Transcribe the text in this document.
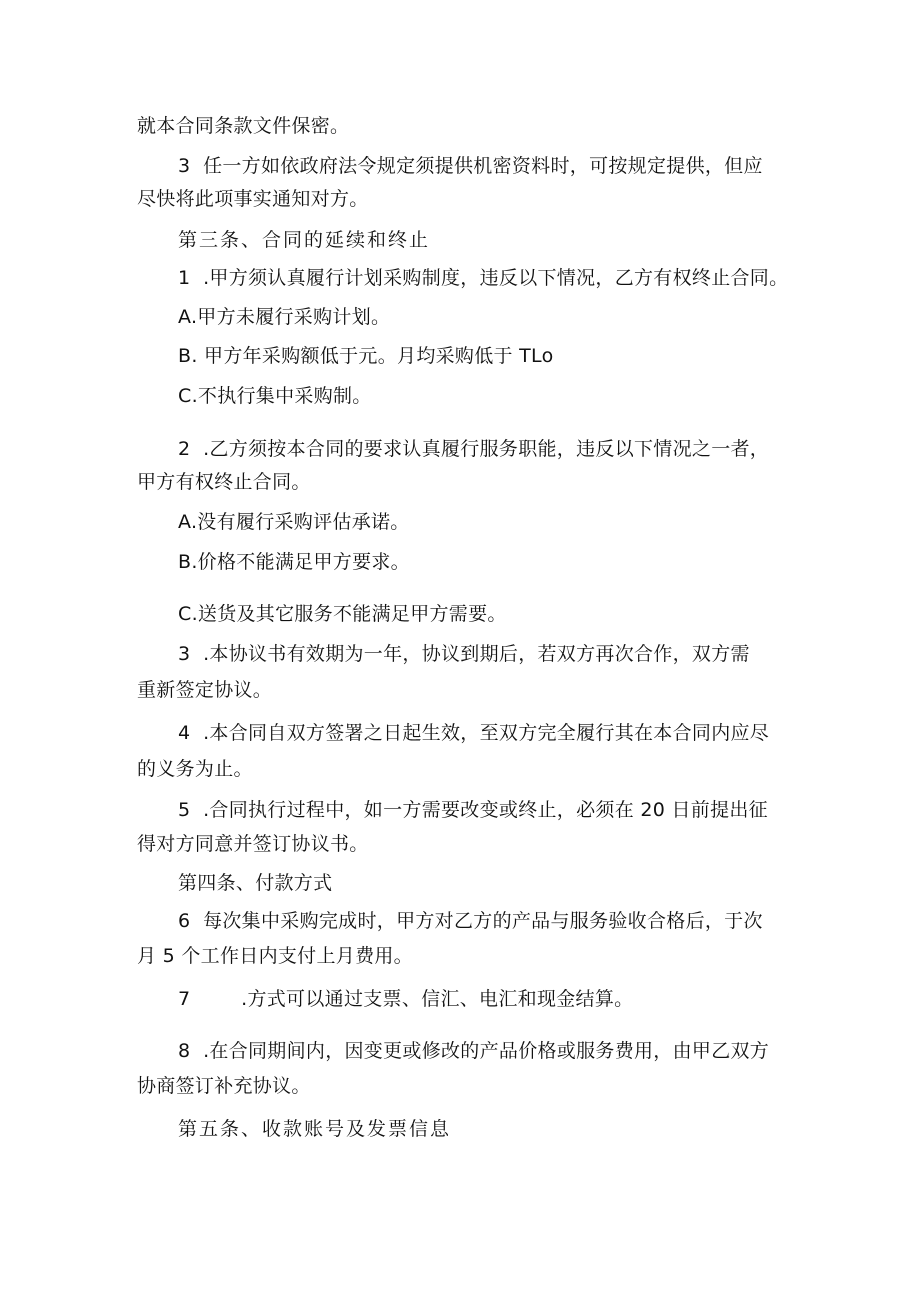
就本合同条款文件保密。
3  任一方如依政府法令规定须提供机密资料时，可按规定提供，但应
尽快将此项事实通知对方。
第三条、合同的延续和终止
1  .甲方须认真履行计划采购制度，违反以下情况，乙方有权终止合同。
A.甲方未履行采购计划。
B. 甲方年采购额低于元。月均采购低于 TLo
C.不执行集中采购制。
2  .乙方须按本合同的要求认真履行服务职能，违反以下情况之一者，
甲方有权终止合同。
A.没有履行采购评估承诺。
B.价格不能满足甲方要求。
C.送货及其它服务不能满足甲方需要。
3  .本协议书有效期为一年，协议到期后，若双方再次合作，双方需
重新签定协议。
4  .本合同自双方签署之日起生效，至双方完全履行其在本合同内应尽
的义务为止。
5  .合同执行过程中，如一方需要改变或终止，必须在 20 日前提出征
得对方同意并签订协议书。
第四条、付款方式
6  每次集中采购完成时，甲方对乙方的产品与服务验收合格后，于次
月 5 个工作日内支付上月费用。
7        .方式可以通过支票、信汇、电汇和现金结算。
8  .在合同期间内，因变更或修改的产品价格或服务费用，由甲乙双方
协商签订补充协议。
第五条、收款账号及发票信息
